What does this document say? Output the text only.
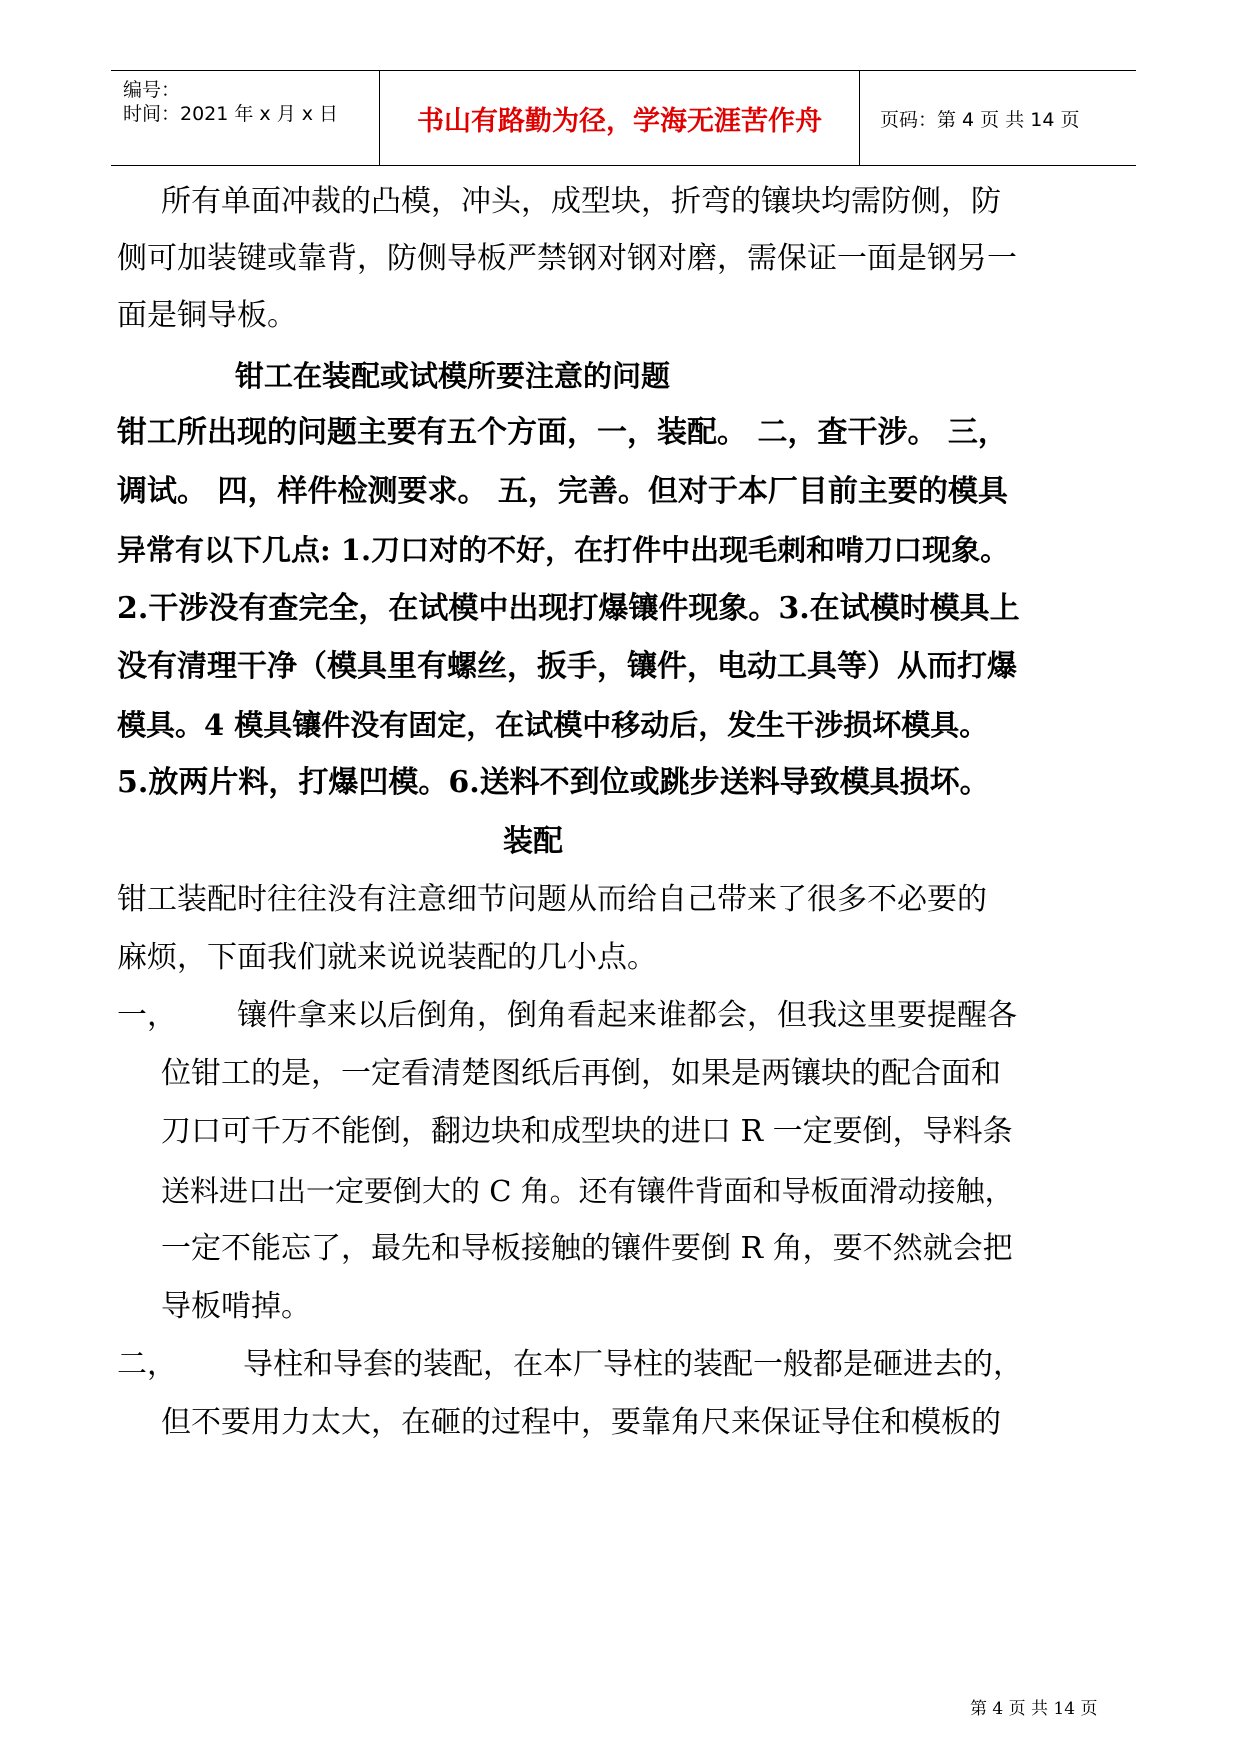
编号：
时间：2021 年 x 月 x 日	书山有路勤为径，学海无涯苦作舟	页码：第 4 页 共 14 页
所有单面冲裁的凸模，冲头，成型块，折弯的镶块均需防侧，防
侧可加装键或靠背，防侧导板严禁钢对钢对磨，需保证一面是钢另一
面是铜导板。
钳工在装配或试模所要注意的问题
钳工所出现的问题主要有五个方面，一，装配。 二，查干涉。 三，
调试。 四，样件检测要求。 五，完善。但对于本厂目前主要的模具
异常有以下几点: 1.刀口对的不好，在打件中出现毛刺和啃刀口现象。
2.干涉没有查完全，在试模中出现打爆镶件现象。3.在试模时模具上
没有清理干净（模具里有螺丝，扳手，镶件，电动工具等）从而打爆
模具。4 模具镶件没有固定，在试模中移动后，发生干涉损坏模具。
5.放两片料，打爆凹模。6.送料不到位或跳步送料导致模具损坏。
装配
钳工装配时往往没有注意细节问题从而给自己带来了很多不必要的
麻烦，下面我们就来说说装配的几小点。
一， 镶件拿来以后倒角，倒角看起来谁都会，但我这里要提醒各
位钳工的是，一定看清楚图纸后再倒，如果是两镶块的配合面和
刀口可千万不能倒，翻边块和成型块的进口 R 一定要倒，导料条
送料进口出一定要倒大的 C 角。还有镶件背面和导板面滑动接触，
一定不能忘了，最先和导板接触的镶件要倒 R 角，要不然就会把
导板啃掉。
二， 导柱和导套的装配，在本厂导柱的装配一般都是砸进去的，
但不要用力太大，在砸的过程中，要靠角尺来保证导住和模板的
第 4 页 共 14 页
